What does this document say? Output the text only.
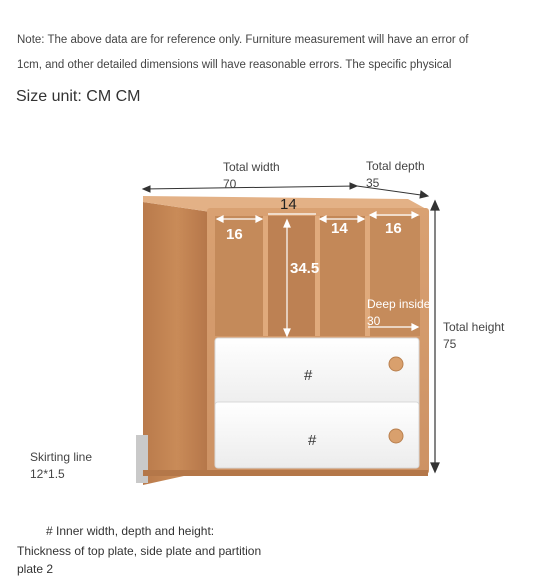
Note: The above data are for reference only. Furniture measurement will have an error of
1cm, and other detailed dimensions will have reasonable errors. The specific physical
Size unit: CM CM
Total width
70
Total depth
35
14
16
34.5
14 16
Deep inside
30
#
#
Total height
75
Skirting line
12*1.5
# Inner width, depth and height:
Thickness of top plate, side plate and partition
plate 2
